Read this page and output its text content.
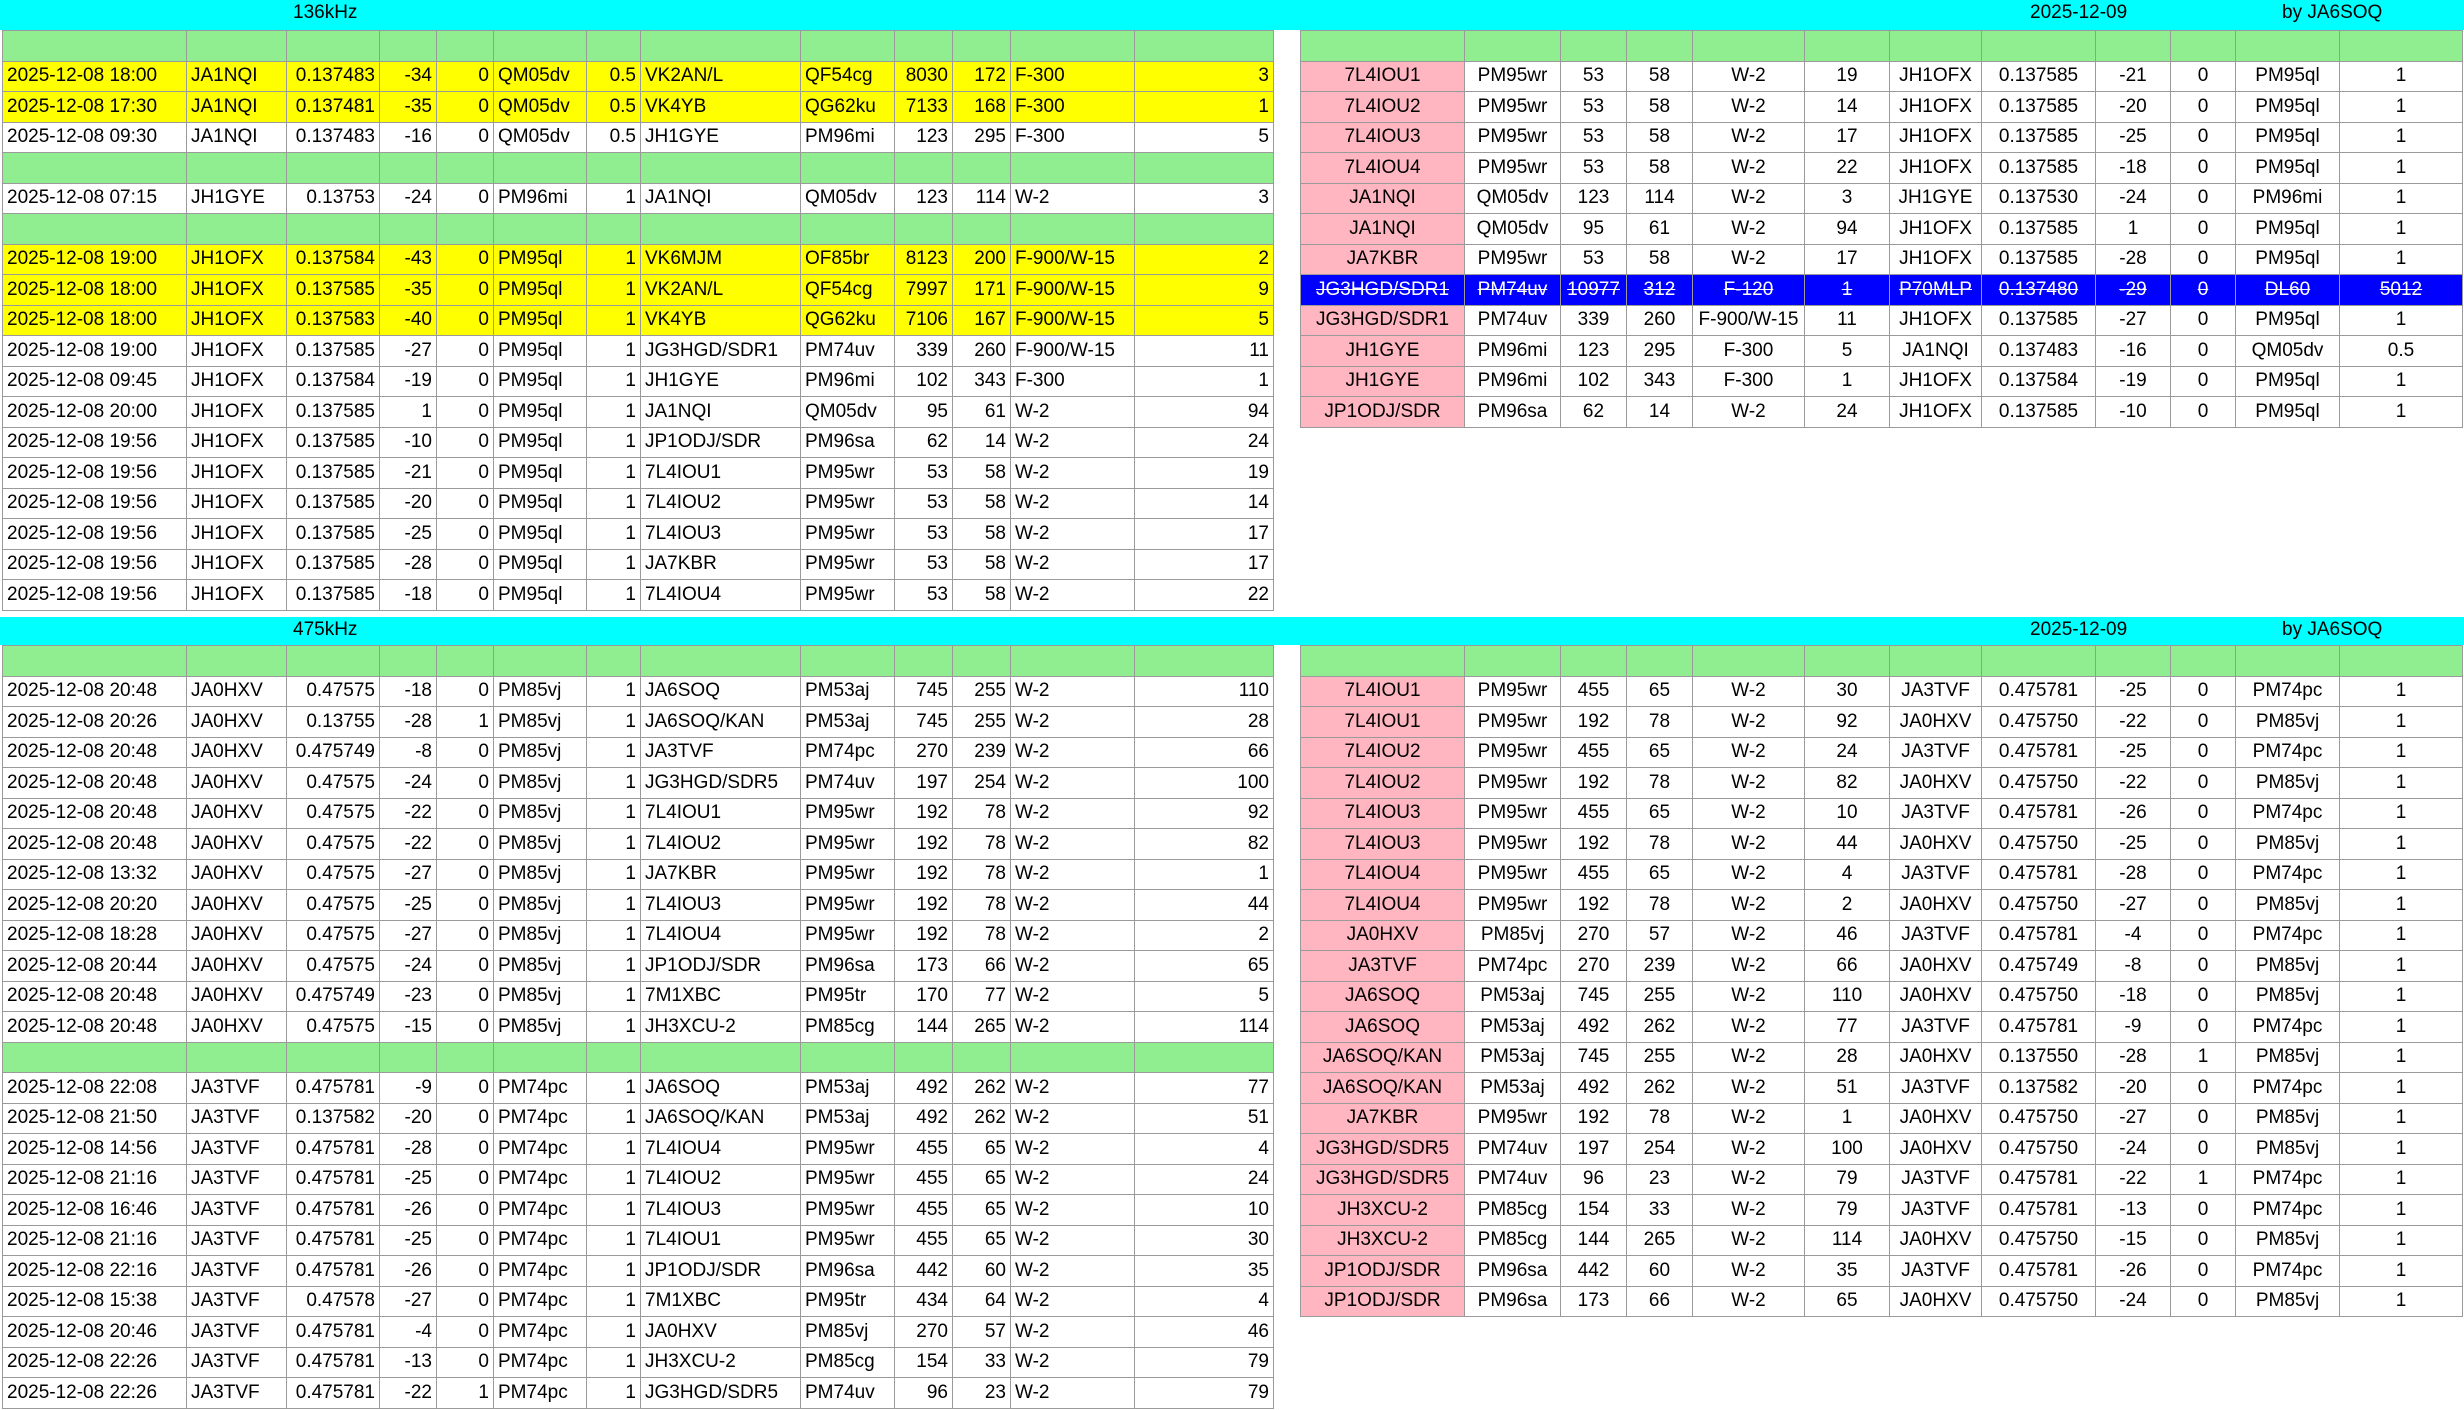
136kHz	2025-12-09	by JA6SOQ
475kHz	2025-12-09	by JA6SOQ

2025-12-08 18:00	JA1NQI	0.137483	-34	0	QM05dv	0.5	VK2AN/L	QF54cg	8030	172	F-300	3
2025-12-08 17:30	JA1NQI	0.137481	-35	0	QM05dv	0.5	VK4YB	QG62ku	7133	168	F-300	1
2025-12-08 09:30	JA1NQI	0.137483	-16	0	QM05dv	0.5	JH1GYE	PM96mi	123	295	F-300	5

2025-12-08 07:15	JH1GYE	0.13753	-24	0	PM96mi	1	JA1NQI	QM05dv	123	114	W-2	3

2025-12-08 19:00	JH1OFX	0.137584	-43	0	PM95ql	1	VK6MJM	OF85br	8123	200	F-900/W-15	2
2025-12-08 18:00	JH1OFX	0.137585	-35	0	PM95ql	1	VK2AN/L	QF54cg	7997	171	F-900/W-15	9
2025-12-08 18:00	JH1OFX	0.137583	-40	0	PM95ql	1	VK4YB	QG62ku	7106	167	F-900/W-15	5
2025-12-08 19:00	JH1OFX	0.137585	-27	0	PM95ql	1	JG3HGD/SDR1	PM74uv	339	260	F-900/W-15	11
2025-12-08 09:45	JH1OFX	0.137584	-19	0	PM95ql	1	JH1GYE	PM96mi	102	343	F-300	1
2025-12-08 20:00	JH1OFX	0.137585	1	0	PM95ql	1	JA1NQI	QM05dv	95	61	W-2	94
2025-12-08 19:56	JH1OFX	0.137585	-10	0	PM95ql	1	JP1ODJ/SDR	PM96sa	62	14	W-2	24
2025-12-08 19:56	JH1OFX	0.137585	-21	0	PM95ql	1	7L4IOU1	PM95wr	53	58	W-2	19
2025-12-08 19:56	JH1OFX	0.137585	-20	0	PM95ql	1	7L4IOU2	PM95wr	53	58	W-2	14
2025-12-08 19:56	JH1OFX	0.137585	-25	0	PM95ql	1	7L4IOU3	PM95wr	53	58	W-2	17
2025-12-08 19:56	JH1OFX	0.137585	-28	0	PM95ql	1	JA7KBR	PM95wr	53	58	W-2	17
2025-12-08 19:56	JH1OFX	0.137585	-18	0	PM95ql	1	7L4IOU4	PM95wr	53	58	W-2	22

7L4IOU1	PM95wr	53	58	W-2	19	JH1OFX	0.137585	-21	0	PM95ql	1
7L4IOU2	PM95wr	53	58	W-2	14	JH1OFX	0.137585	-20	0	PM95ql	1
7L4IOU3	PM95wr	53	58	W-2	17	JH1OFX	0.137585	-25	0	PM95ql	1
7L4IOU4	PM95wr	53	58	W-2	22	JH1OFX	0.137585	-18	0	PM95ql	1
JA1NQI	QM05dv	123	114	W-2	3	JH1GYE	0.137530	-24	0	PM96mi	1
JA1NQI	QM05dv	95	61	W-2	94	JH1OFX	0.137585	1	0	PM95ql	1
JA7KBR	PM95wr	53	58	W-2	17	JH1OFX	0.137585	-28	0	PM95ql	1
JG3HGD/SDR1	PM74uv	10977	312	F-120	1	P70MLP	0.137480	-29	0	DL60	5012
JG3HGD/SDR1	PM74uv	339	260	F-900/W-15	11	JH1OFX	0.137585	-27	0	PM95ql	1
JH1GYE	PM96mi	123	295	F-300	5	JA1NQI	0.137483	-16	0	QM05dv	0.5
JH1GYE	PM96mi	102	343	F-300	1	JH1OFX	0.137584	-19	0	PM95ql	1
JP1ODJ/SDR	PM96sa	62	14	W-2	24	JH1OFX	0.137585	-10	0	PM95ql	1

2025-12-08 20:48	JA0HXV	0.47575	-18	0	PM85vj	1	JA6SOQ	PM53aj	745	255	W-2	110
2025-12-08 20:26	JA0HXV	0.13755	-28	1	PM85vj	1	JA6SOQ/KAN	PM53aj	745	255	W-2	28
2025-12-08 20:48	JA0HXV	0.475749	-8	0	PM85vj	1	JA3TVF	PM74pc	270	239	W-2	66
2025-12-08 20:48	JA0HXV	0.47575	-24	0	PM85vj	1	JG3HGD/SDR5	PM74uv	197	254	W-2	100
2025-12-08 20:48	JA0HXV	0.47575	-22	0	PM85vj	1	7L4IOU1	PM95wr	192	78	W-2	92
2025-12-08 20:48	JA0HXV	0.47575	-22	0	PM85vj	1	7L4IOU2	PM95wr	192	78	W-2	82
2025-12-08 13:32	JA0HXV	0.47575	-27	0	PM85vj	1	JA7KBR	PM95wr	192	78	W-2	1
2025-12-08 20:20	JA0HXV	0.47575	-25	0	PM85vj	1	7L4IOU3	PM95wr	192	78	W-2	44
2025-12-08 18:28	JA0HXV	0.47575	-27	0	PM85vj	1	7L4IOU4	PM95wr	192	78	W-2	2
2025-12-08 20:44	JA0HXV	0.47575	-24	0	PM85vj	1	JP1ODJ/SDR	PM96sa	173	66	W-2	65
2025-12-08 20:48	JA0HXV	0.475749	-23	0	PM85vj	1	7M1XBC	PM95tr	170	77	W-2	5
2025-12-08 20:48	JA0HXV	0.47575	-15	0	PM85vj	1	JH3XCU-2	PM85cg	144	265	W-2	114

2025-12-08 22:08	JA3TVF	0.475781	-9	0	PM74pc	1	JA6SOQ	PM53aj	492	262	W-2	77
2025-12-08 21:50	JA3TVF	0.137582	-20	0	PM74pc	1	JA6SOQ/KAN	PM53aj	492	262	W-2	51
2025-12-08 14:56	JA3TVF	0.475781	-28	0	PM74pc	1	7L4IOU4	PM95wr	455	65	W-2	4
2025-12-08 21:16	JA3TVF	0.475781	-25	0	PM74pc	1	7L4IOU2	PM95wr	455	65	W-2	24
2025-12-08 16:46	JA3TVF	0.475781	-26	0	PM74pc	1	7L4IOU3	PM95wr	455	65	W-2	10
2025-12-08 21:16	JA3TVF	0.475781	-25	0	PM74pc	1	7L4IOU1	PM95wr	455	65	W-2	30
2025-12-08 22:16	JA3TVF	0.475781	-26	0	PM74pc	1	JP1ODJ/SDR	PM96sa	442	60	W-2	35
2025-12-08 15:38	JA3TVF	0.47578	-27	0	PM74pc	1	7M1XBC	PM95tr	434	64	W-2	4
2025-12-08 20:46	JA3TVF	0.475781	-4	0	PM74pc	1	JA0HXV	PM85vj	270	57	W-2	46
2025-12-08 22:26	JA3TVF	0.475781	-13	0	PM74pc	1	JH3XCU-2	PM85cg	154	33	W-2	79
2025-12-08 22:26	JA3TVF	0.475781	-22	1	PM74pc	1	JG3HGD/SDR5	PM74uv	96	23	W-2	79

7L4IOU1	PM95wr	455	65	W-2	30	JA3TVF	0.475781	-25	0	PM74pc	1
7L4IOU1	PM95wr	192	78	W-2	92	JA0HXV	0.475750	-22	0	PM85vj	1
7L4IOU2	PM95wr	455	65	W-2	24	JA3TVF	0.475781	-25	0	PM74pc	1
7L4IOU2	PM95wr	192	78	W-2	82	JA0HXV	0.475750	-22	0	PM85vj	1
7L4IOU3	PM95wr	455	65	W-2	10	JA3TVF	0.475781	-26	0	PM74pc	1
7L4IOU3	PM95wr	192	78	W-2	44	JA0HXV	0.475750	-25	0	PM85vj	1
7L4IOU4	PM95wr	455	65	W-2	4	JA3TVF	0.475781	-28	0	PM74pc	1
7L4IOU4	PM95wr	192	78	W-2	2	JA0HXV	0.475750	-27	0	PM85vj	1
JA0HXV	PM85vj	270	57	W-2	46	JA3TVF	0.475781	-4	0	PM74pc	1
JA3TVF	PM74pc	270	239	W-2	66	JA0HXV	0.475749	-8	0	PM85vj	1
JA6SOQ	PM53aj	745	255	W-2	110	JA0HXV	0.475750	-18	0	PM85vj	1
JA6SOQ	PM53aj	492	262	W-2	77	JA3TVF	0.475781	-9	0	PM74pc	1
JA6SOQ/KAN	PM53aj	745	255	W-2	28	JA0HXV	0.137550	-28	1	PM85vj	1
JA6SOQ/KAN	PM53aj	492	262	W-2	51	JA3TVF	0.137582	-20	0	PM74pc	1
JA7KBR	PM95wr	192	78	W-2	1	JA0HXV	0.475750	-27	0	PM85vj	1
JG3HGD/SDR5	PM74uv	197	254	W-2	100	JA0HXV	0.475750	-24	0	PM85vj	1
JG3HGD/SDR5	PM74uv	96	23	W-2	79	JA3TVF	0.475781	-22	1	PM74pc	1
JH3XCU-2	PM85cg	154	33	W-2	79	JA3TVF	0.475781	-13	0	PM74pc	1
JH3XCU-2	PM85cg	144	265	W-2	114	JA0HXV	0.475750	-15	0	PM85vj	1
JP1ODJ/SDR	PM96sa	442	60	W-2	35	JA3TVF	0.475781	-26	0	PM74pc	1
JP1ODJ/SDR	PM96sa	173	66	W-2	65	JA0HXV	0.475750	-24	0	PM85vj	1
